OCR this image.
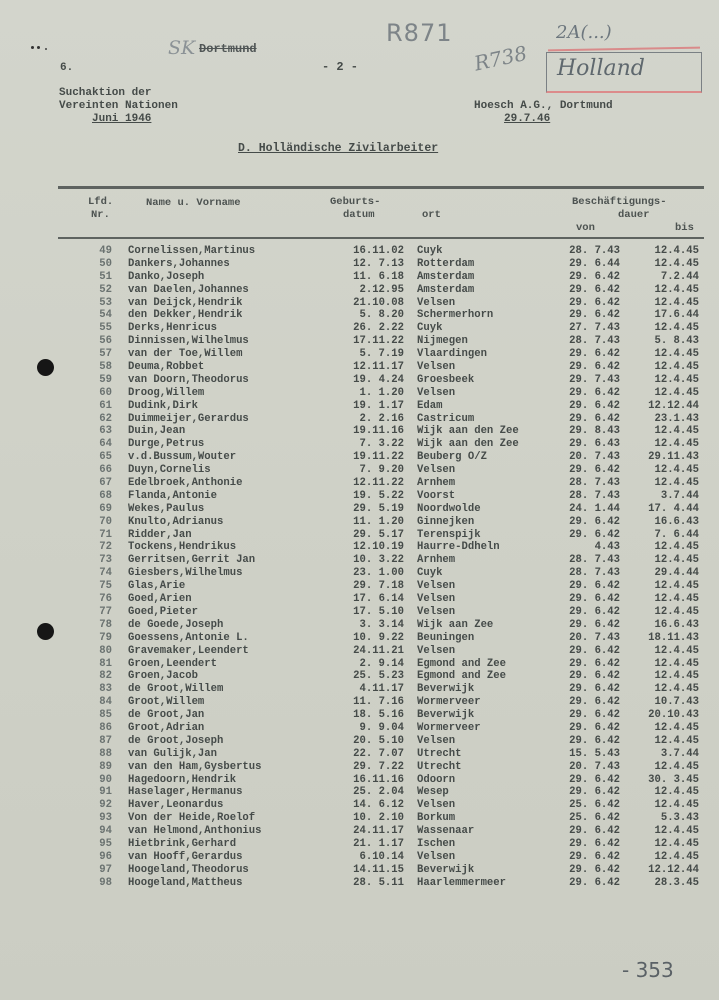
SK Dortmund
R871
R738
2A(...)
Holland
6.	- 2 -
Suchaktion der
Vereinten Nationen
Juni 1946
Hoesch A.G., Dortmund
29.7.46
D. Holländische Zivilarbeiter
Lfd.
Nr.
Name u. Vorname	Geburts-
datum	ort
Beschäftigungs-
dauer
von	bis
49 Cornelissen,Martinus	16.11.02 Cuyk	28. 7.43	12.4.45
50 Dankers,Johannes	12. 7.13 Rotterdam	29. 6.44	12.4.45
51 Danko,Joseph	11. 6.18 Amsterdam	29. 6.42	7.2.44
52 van Daelen,Johannes	2.12.95 Amsterdam	29. 6.42	12.4.45
53 van Deijck,Hendrik	21.10.08 Velsen	29. 6.42	12.4.45
54 den Dekker,Hendrik	5. 8.20 Schermerhorn	29. 6.42	17.6.44
55 Derks,Henricus	26. 2.22 Cuyk	27. 7.43	12.4.45
56 Dinnissen,Wilhelmus	17.11.22 Nijmegen	28. 7.43	5. 8.43
57 van der Toe,Willem	5. 7.19 Vlaardingen	29. 6.42	12.4.45
58 Deuma,Robbet	12.11.17 Velsen	29. 6.42	12.4.45
59 van Doorn,Theodorus	19. 4.24 Groesbeek	29. 7.43	12.4.45
60 Droog,Willem	1. 1.20 Velsen	29. 6.42	12.4.45
61 Dudink,Dirk	19. 1.17 Edam	29. 6.42	12.12.44
62 Duimmeijer,Gerardus	2. 2.16 Castricum	29. 6.42	23.1.43
63 Duin,Jean	19.11.16 Wijk aan den Zee	29. 8.43	12.4.45
64 Durge,Petrus	7. 3.22 Wijk aan den Zee	29. 6.43	12.4.45
65 v.d.Bussum,Wouter	19.11.22 Beuberg O/Z	20. 7.43	29.11.43
66 Duyn,Cornelis	7. 9.20 Velsen	29. 6.42	12.4.45
67 Edelbroek,Anthonie	12.11.22 Arnhem	28. 7.43	12.4.45
68 Flanda,Antonie	19. 5.22 Voorst	28. 7.43	3.7.44
69 Wekes,Paulus	29. 5.19 Noordwolde	24. 1.44	17. 4.44
70 Knulto,Adrianus	11. 1.20 Ginnejken	29. 6.42	16.6.43
71 Ridder,Jan	29. 5.17 Terenspijk	29. 6.42	7. 6.44
72 Tockens,Hendrikus	12.10.19 Haurre-Ddheln	4.43	12.4.45
73 Gerritsen,Gerrit Jan	10. 3.22 Arnhem	28. 7.43	12.4.45
74 Giesbers,Wilhelmus	23. 1.00 Cuyk	28. 7.43	29.4.44
75 Glas,Arie	29. 7.18 Velsen	29. 6.42	12.4.45
76 Goed,Arien	17. 6.14 Velsen	29. 6.42	12.4.45
77 Goed,Pieter	17. 5.10 Velsen	29. 6.42	12.4.45
78 de Goede,Joseph	3. 3.14 Wijk aan Zee	29. 6.42	16.6.43
79 Goessens,Antonie L.	10. 9.22 Beuningen	20. 7.43	18.11.43
80 Gravemaker,Leendert	24.11.21 Velsen	29. 6.42	12.4.45
81 Groen,Leendert	2. 9.14 Egmond and Zee	29. 6.42	12.4.45
82 Groen,Jacob	25. 5.23 Egmond and Zee	29. 6.42	12.4.45
83 de Groot,Willem	4.11.17 Beverwijk	29. 6.42	12.4.45
84 Groot,Willem	11. 7.16 Wormerveer	29. 6.42	10.7.43
85 de Groot,Jan	18. 5.16 Beverwijk	29. 6.42	20.10.43
86 Groot,Adrian	9. 9.04 Wormerveer	29. 6.42	12.4.45
87 de Groot,Joseph	20. 5.10 Velsen	29. 6.42	12.4.45
88 van Gulijk,Jan	22. 7.07 Utrecht	15. 5.43	3.7.44
89 van den Ham,Gysbertus	29. 7.22 Utrecht	20. 7.43	12.4.45
90 Hagedoorn,Hendrik	16.11.16 Odoorn	29. 6.42	30. 3.45
91 Haselager,Hermanus	25. 2.04 Wesep	29. 6.42	12.4.45
92 Haver,Leonardus	14. 6.12 Velsen	25. 6.42	12.4.45
93 Von der Heide,Roelof	10. 2.10 Borkum	25. 6.42	5.3.43
94 van Helmond,Anthonius	24.11.17 Wassenaar	29. 6.42	12.4.45
95 Hietbrink,Gerhard	21. 1.17 Ischen	29. 6.42	12.4.45
96 van Hooff,Gerardus	6.10.14 Velsen	29. 6.42	12.4.45
97 Hoogeland,Theodorus	14.11.15 Beverwijk	29. 6.42	12.12.44
98 Hoogeland,Mattheus	28. 5.11 Haarlemmermeer	29. 6.42	28.3.45
- 353
